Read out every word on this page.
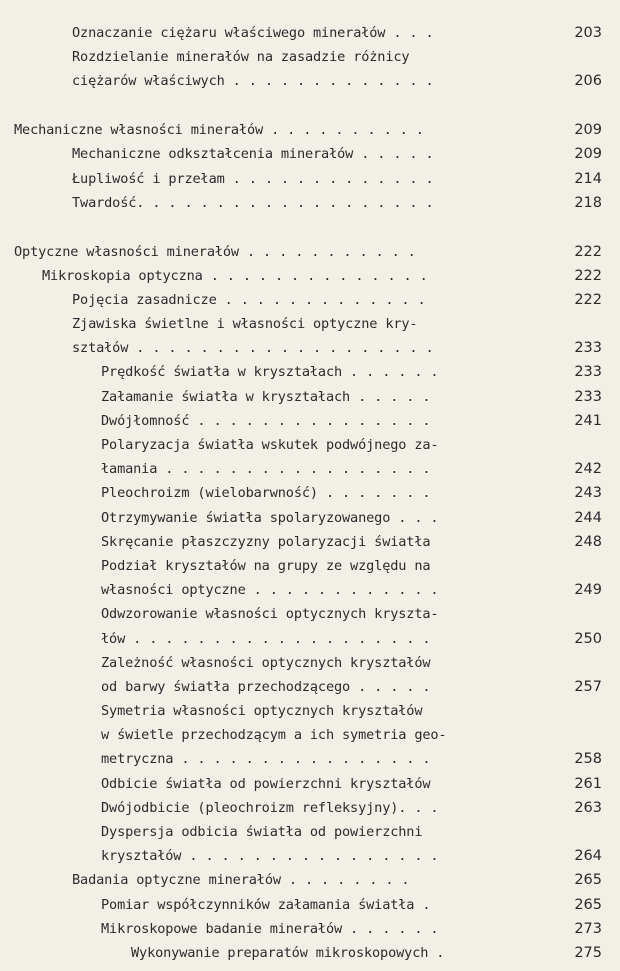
Oznaczanie ciężaru właściwego minerałów . . .	203
Rozdzielanie minerałów na zasadzie różnicy
ciężarów właściwych . . . . . . . . . . . . .	206
Mechaniczne własności minerałów . . . . . . . . . .	209
Mechaniczne odkształcenia minerałów . . . . .	209
Łupliwość i przełam . . . . . . . . . . . . .	214
Twardość. . . . . . . . . . . . . . . . . . .	218
Optyczne własności minerałów . . . . . . . . . . .	222
Mikroskopia optyczna . . . . . . . . . . . . . .	222
Pojęcia zasadnicze . . . . . . . . . . . . .	222
Zjawiska świetlne i własności optyczne kry-
ształów . . . . . . . . . . . . . . . . . . .	233
Prędkość światła w kryształach . . . . . .	233
Załamanie światła w kryształach . . . . .	233
Dwójłomność . . . . . . . . . . . . . . .	241
Polaryzacja światła wskutek podwójnego za-
łamania . . . . . . . . . . . . . . . . .	242
Pleochroizm (wielobarwność) . . . . . . .	243
Otrzymywanie światła spolaryzowanego . . .	244
Skręcanie płaszczyzny polaryzacji światła	248
Podział kryształów na grupy ze względu na
własności optyczne . . . . . . . . . . . .	249
Odwzorowanie własności optycznych kryszta-
łów . . . . . . . . . . . . . . . . . . .	250
Zależność własności optycznych kryształów
od barwy światła przechodzącego . . . . .	257
Symetria własności optycznych kryształów
w świetle przechodzącym a ich symetria geo-
metryczna . . . . . . . . . . . . . . . .	258
Odbicie światła od powierzchni kryształów	261
Dwójodbicie (pleochroizm refleksyjny). . .	263
Dyspersja odbicia światła od powierzchni
kryształów . . . . . . . . . . . . . . . .	264
Badania optyczne minerałów . . . . . . . .	265
Pomiar współczynników załamania światła .	265
Mikroskopowe badanie minerałów . . . . . .	273
Wykonywanie preparatów mikroskopowych .	275
